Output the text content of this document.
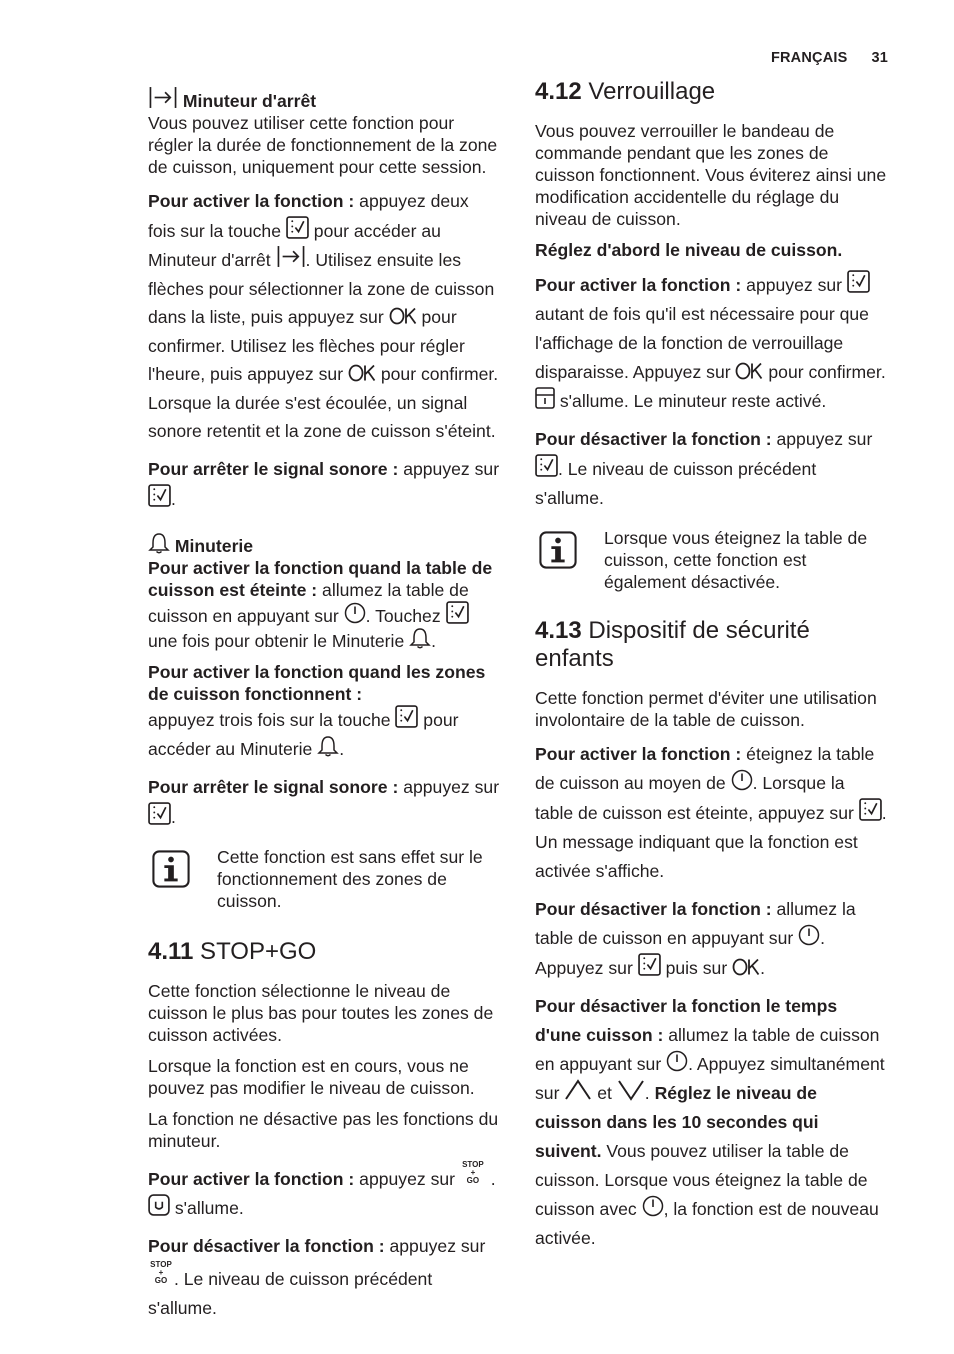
FRANÇAIS 31

Minuteur d'arrêt

Vous pouvez utiliser cette fonction pour régler la durée de fonctionnement de la zone de cuisson, uniquement pour cette session.

Pour activer la fonction : appuyez deux fois sur la touche
pour accéder au Minuteur d'arrêt
. Utilisez ensuite les flèches pour sélectionner la zone de cuisson dans la liste, puis appuyez sur
pour confirmer. Utilisez les flèches pour régler l'heure, puis appuyez sur
pour confirmer. Lorsque la durée s'est écoulée, un signal sonore retentit et la zone de cuisson s'éteint.

Pour arrêter le signal sonore : appuyez sur
.

Minuterie

Pour activer la fonction quand la table de cuisson est éteinte : allumez la table de cuisson en appuyant sur
. Touchez
une fois pour obtenir le Minuterie
.

Pour activer la fonction quand les zones de cuisson fonctionnent :

appuyez trois fois sur la touche
pour accéder au Minuterie
.

Pour arrêter le signal sonore : appuyez sur
.

Cette fonction est sans effet sur le fonctionnement des zones de cuisson.
4.11 STOP+GO

Cette fonction sélectionne le niveau de cuisson le plus bas pour toutes les zones de cuisson activées.

Lorsque la fonction est en cours, vous ne pouvez pas modifier le niveau de cuisson.

La fonction ne désactive pas les fonctions du minuteur.

Pour activer la fonction : appuyez sur STOP
+
GO .
s'allume.

Pour désactiver la fonction : appuyez sur STOP
+
GO . Le niveau de cuisson précédent s'allume.

4.12 Verrouillage

Vous pouvez verrouiller le bandeau de commande pendant que les zones de cuisson fonctionnent. Vous éviterez ainsi une modification accidentelle du réglage du niveau de cuisson.

Réglez d'abord le niveau de cuisson.

Pour activer la fonction : appuyez sur
autant de fois qu'il est nécessaire pour que l'affichage de la fonction de verrouillage disparaisse. Appuyez sur
pour confirmer.
s'allume. Le minuteur reste activé.

Pour désactiver la fonction : appuyez sur
. Le niveau de cuisson précédent s'allume.

Lorsque vous éteignez la table de cuisson, cette fonction est également désactivée.
4.13 Dispositif de sécurité enfants

Cette fonction permet d'éviter une utilisation involontaire de la table de cuisson.

Pour activer la fonction : éteignez la table de cuisson au moyen de
. Lorsque la table de cuisson est éteinte, appuyez sur
. Un message indiquant que la fonction est activée s'affiche.

Pour désactiver la fonction : allumez la table de cuisson en appuyant sur
. Appuyez sur
puis sur
.

Pour désactiver la fonction le temps d'une cuisson : allumez la table de cuisson en appuyant sur
. Appuyez simultanément sur
et
. Réglez le niveau de cuisson dans les 10 secondes qui suivent. Vous pouvez utiliser la table de cuisson. Lorsque vous éteignez la table de cuisson avec
, la fonction est de nouveau activée.
